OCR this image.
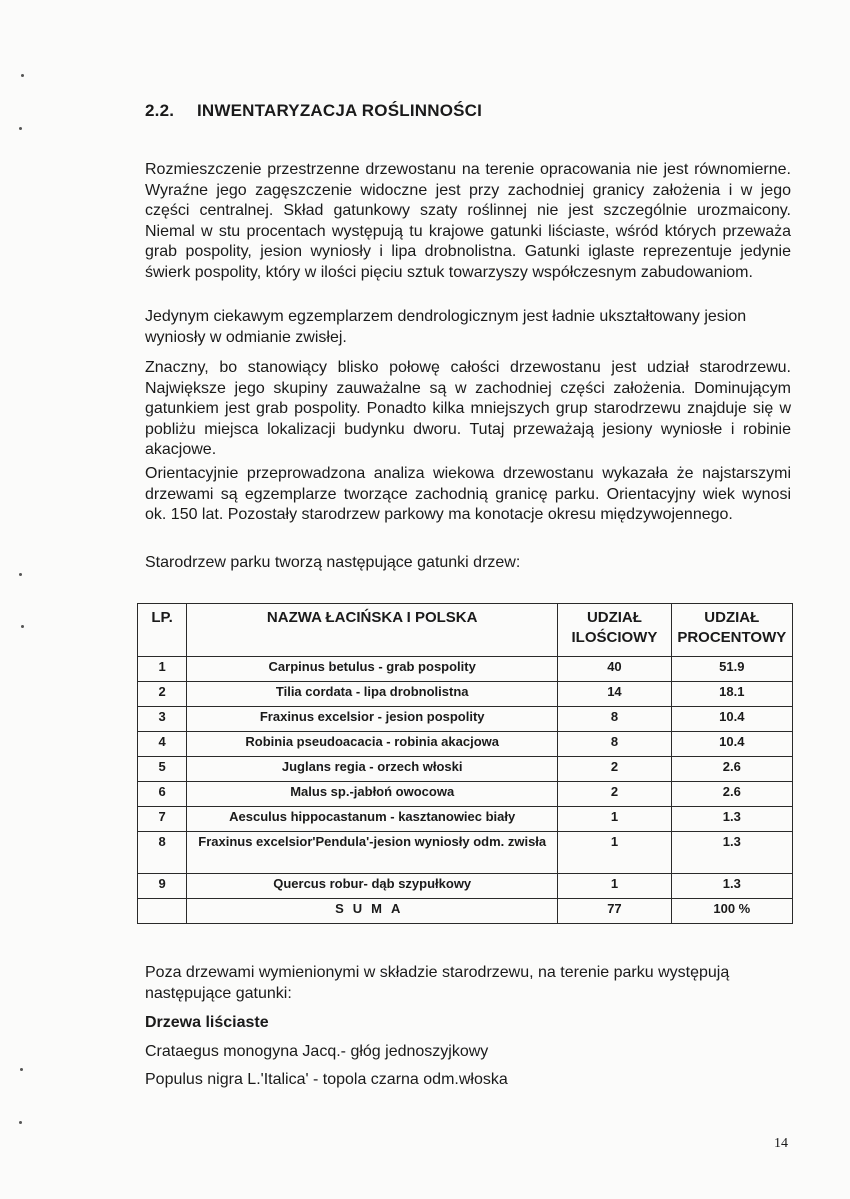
2.2. INWENTARYZACJA ROŚLINNOŚCI

Rozmieszczenie przestrzenne drzewostanu na terenie opracowania nie jest równomierne. Wyraźne jego zagęszczenie widoczne jest przy zachodniej granicy założenia i w jego części centralnej. Skład gatunkowy szaty roślinnej nie jest szczególnie urozmaicony. Niemal w stu procentach występują tu krajowe gatunki liściaste, wśród których przeważa grab pospolity, jesion wyniosły i lipa drobnolistna. Gatunki iglaste reprezentuje jedynie świerk pospolity, który w ilości pięciu sztuk towarzyszy współczesnym zabudowaniom.

Jedynym ciekawym egzemplarzem dendrologicznym jest ładnie ukształtowany jesion wyniosły w odmianie zwisłej.

Znaczny, bo stanowiący blisko połowę całości drzewostanu jest udział starodrzewu. Największe jego skupiny zauważalne są w zachodniej części założenia. Dominującym gatunkiem jest grab pospolity. Ponadto kilka mniejszych grup starodrzewu znajduje się w pobliżu miejsca lokalizacji budynku dworu. Tutaj przeważają jesiony wyniosłe i robinie akacjowe.

Orientacyjnie przeprowadzona analiza wiekowa drzewostanu wykazała że najstarszymi drzewami są egzemplarze tworzące zachodnią granicę parku. Orientacyjny wiek wynosi ok. 150 lat. Pozostały starodrzew parkowy ma konotacje okresu międzywojennego.

Starodrzew parku tworzą następujące gatunki drzew:

LP.	NAZWA ŁACIŃSKA I POLSKA	UDZIAŁ ILOŚCIOWY	UDZIAŁ PROCENTOWY
1	Carpinus betulus - grab pospolity	40	51.9
2	Tilia cordata - lipa drobnolistna	14	18.1
3	Fraxinus excelsior - jesion pospolity	8	10.4
4	Robinia pseudoacacia - robinia akacjowa	8	10.4
5	Juglans regia - orzech włoski	2	2.6
6	Malus sp.-jabłoń owocowa	2	2.6
7	Aesculus hippocastanum - kasztanowiec biały	1	1.3
8	Fraxinus excelsior'Pendula'-jesion wyniosły odm. zwisła	1	1.3
9	Quercus robur- dąb szypułkowy	1	1.3
	SUMA	77	100 %

Poza drzewami wymienionymi w składzie starodrzewu, na terenie parku występują następujące gatunki:

Drzewa liściaste

Crataegus monogyna Jacq.- głóg jednoszyjkowy

Populus nigra L.'Italica' - topola czarna odm.włoska

14
